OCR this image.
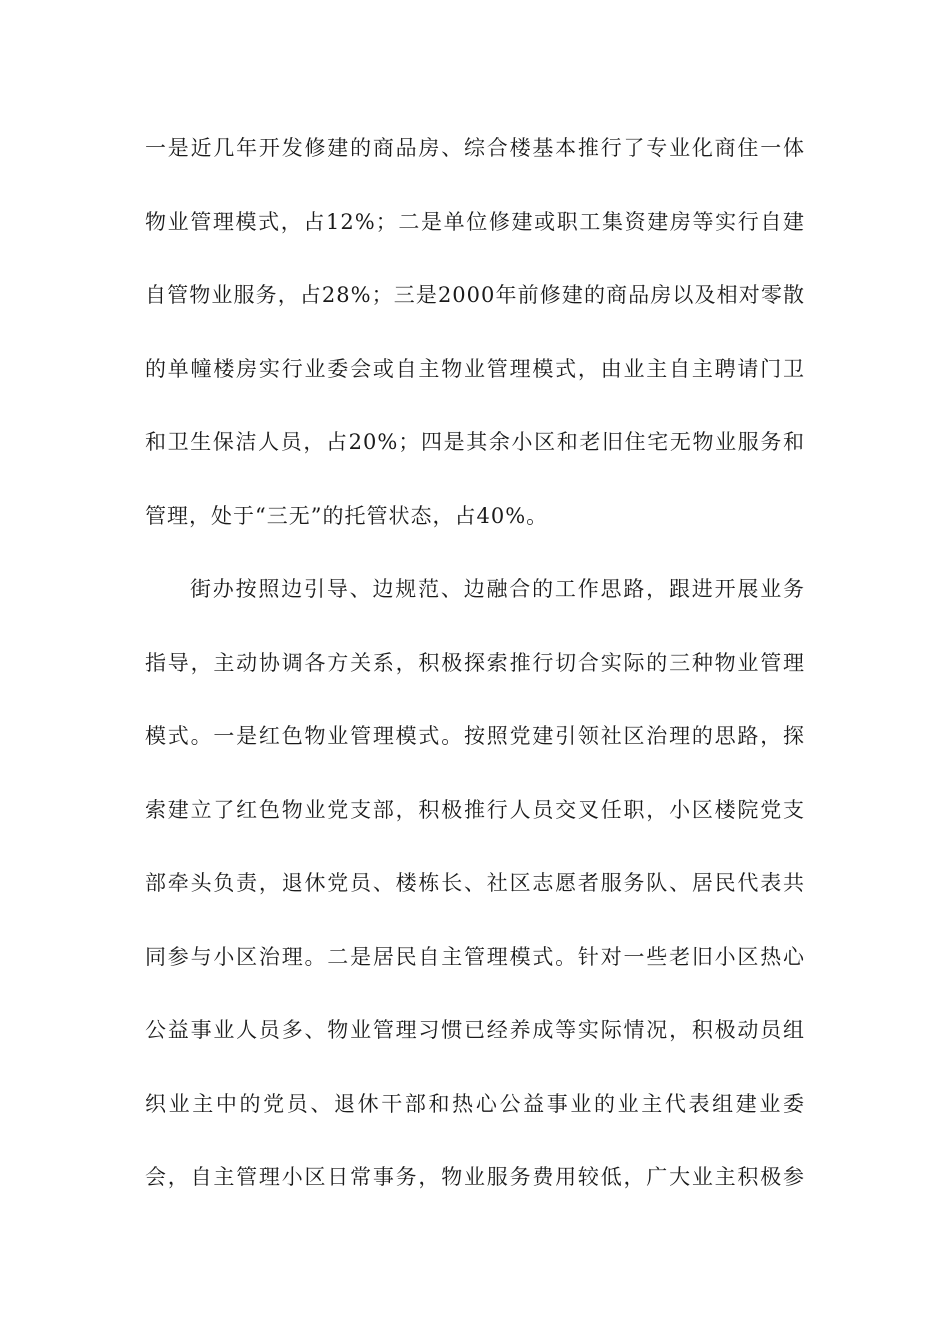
一是近几年开发修建的商品房、综合楼基本推行了专业化商住一体
物业管理模式，占12%；二是单位修建或职工集资建房等实行自建
自管物业服务，占28%；三是2000年前修建的商品房以及相对零散
的单幢楼房实行业委会或自主物业管理模式，由业主自主聘请门卫
和卫生保洁人员，占20%；四是其余小区和老旧住宅无物业服务和
管理，处于“三无”的托管状态，占40%。
街办按照边引导、边规范、边融合的工作思路，跟进开展业务
指导，主动协调各方关系，积极探索推行切合实际的三种物业管理
模式。一是红色物业管理模式。按照党建引领社区治理的思路，探
索建立了红色物业党支部，积极推行人员交叉任职，小区楼院党支
部牵头负责，退休党员、楼栋长、社区志愿者服务队、居民代表共
同参与小区治理。二是居民自主管理模式。针对一些老旧小区热心
公益事业人员多、物业管理习惯已经养成等实际情况，积极动员组
织业主中的党员、退休干部和热心公益事业的业主代表组建业委
会，自主管理小区日常事务，物业服务费用较低，广大业主积极参
